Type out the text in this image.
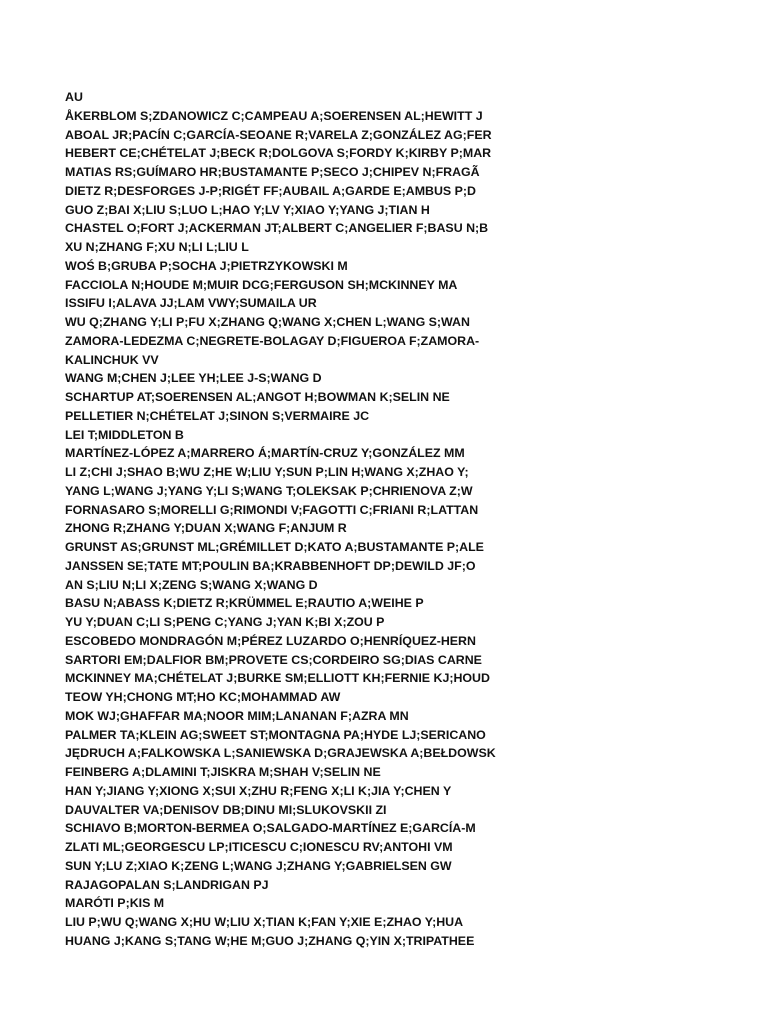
AU
ÅKERBLOM S;ZDANOWICZ C;CAMPEAU A;SOERENSEN AL;HEWITT J
ABOAL JR;PACÍN C;GARCÍA-SEOANE R;VARELA Z;GONZÁLEZ AG;FER
HEBERT CE;CHÉTELAT J;BECK R;DOLGOVA S;FORDY K;KIRBY P;MAR
MATIAS RS;GUÍMARO HR;BUSTAMANTE P;SECO J;CHIPEV N;FRAGÃ
DIETZ R;DESFORGES J-P;RIGÉT FF;AUBAIL A;GARDE E;AMBUS P;D
GUO Z;BAI X;LIU S;LUO L;HAO Y;LV Y;XIAO Y;YANG J;TIAN H
CHASTEL O;FORT J;ACKERMAN JT;ALBERT C;ANGELIER F;BASU N;B
XU N;ZHANG F;XU N;LI L;LIU L
WOŚ B;GRUBA P;SOCHA J;PIETRZYKOWSKI M
FACCIOLA N;HOUDE M;MUIR DCG;FERGUSON SH;MCKINNEY MA
ISSIFU I;ALAVA JJ;LAM VWY;SUMAILA UR
WU Q;ZHANG Y;LI P;FU X;ZHANG Q;WANG X;CHEN L;WANG S;WAN
ZAMORA-LEDEZMA C;NEGRETE-BOLAGAY D;FIGUEROA F;ZAMORA-
KALINCHUK VV
WANG M;CHEN J;LEE YH;LEE J-S;WANG D
SCHARTUP AT;SOERENSEN AL;ANGOT H;BOWMAN K;SELIN NE
PELLETIER N;CHÉTELAT J;SINON S;VERMAIRE JC
LEI T;MIDDLETON B
MARTÍNEZ-LÓPEZ A;MARRERO Á;MARTÍN-CRUZ Y;GONZÁLEZ MM
LI Z;CHI J;SHAO B;WU Z;HE W;LIU Y;SUN P;LIN H;WANG X;ZHAO Y;
YANG L;WANG J;YANG Y;LI S;WANG T;OLEKSAK P;CHRIENOVA Z;W
FORNASARO S;MORELLI G;RIMONDI V;FAGOTTI C;FRIANI R;LATTAN
ZHONG R;ZHANG Y;DUAN X;WANG F;ANJUM R
GRUNST AS;GRUNST ML;GRÉMILLET D;KATO A;BUSTAMANTE P;ALE
JANSSEN SE;TATE MT;POULIN BA;KRABBENHOFT DP;DEWILD JF;O
AN S;LIU N;LI X;ZENG S;WANG X;WANG D
BASU N;ABASS K;DIETZ R;KRÜMMEL E;RAUTIO A;WEIHE P
YU Y;DUAN C;LI S;PENG C;YANG J;YAN K;BI X;ZOU P
ESCOBEDO MONDRAGÓN M;PÉREZ LUZARDO O;HENRÍQUEZ-HERN
SARTORI EM;DALFIOR BM;PROVETE CS;CORDEIRO SG;DIAS CARNE
MCKINNEY MA;CHÉTELAT J;BURKE SM;ELLIOTT KH;FERNIE KJ;HOUD
TEOW YH;CHONG MT;HO KC;MOHAMMAD AW
MOK WJ;GHAFFAR MA;NOOR MIM;LANANAN F;AZRA MN
PALMER TA;KLEIN AG;SWEET ST;MONTAGNA PA;HYDE LJ;SERICANO
JĘDRUCH A;FALKOWSKA L;SANIEWSKA D;GRAJEWSKA A;BEŁDOWSK
FEINBERG A;DLAMINI T;JISKRA M;SHAH V;SELIN NE
HAN Y;JIANG Y;XIONG X;SUI X;ZHU R;FENG X;LI K;JIA Y;CHEN Y
DAUVALTER VA;DENISOV DB;DINU MI;SLUKOVSKII ZI
SCHIAVO B;MORTON-BERMEA O;SALGADO-MARTÍNEZ E;GARCÍA-M
ZLATI ML;GEORGESCU LP;ITICESCU C;IONESCU RV;ANTOHI VM
SUN Y;LU Z;XIAO K;ZENG L;WANG J;ZHANG Y;GABRIELSEN GW
RAJAGOPALAN S;LANDRIGAN PJ
MARÓTI P;KIS M
LIU P;WU Q;WANG X;HU W;LIU X;TIAN K;FAN Y;XIE E;ZHAO Y;HUA
HUANG J;KANG S;TANG W;HE M;GUO J;ZHANG Q;YIN X;TRIPATHEE
